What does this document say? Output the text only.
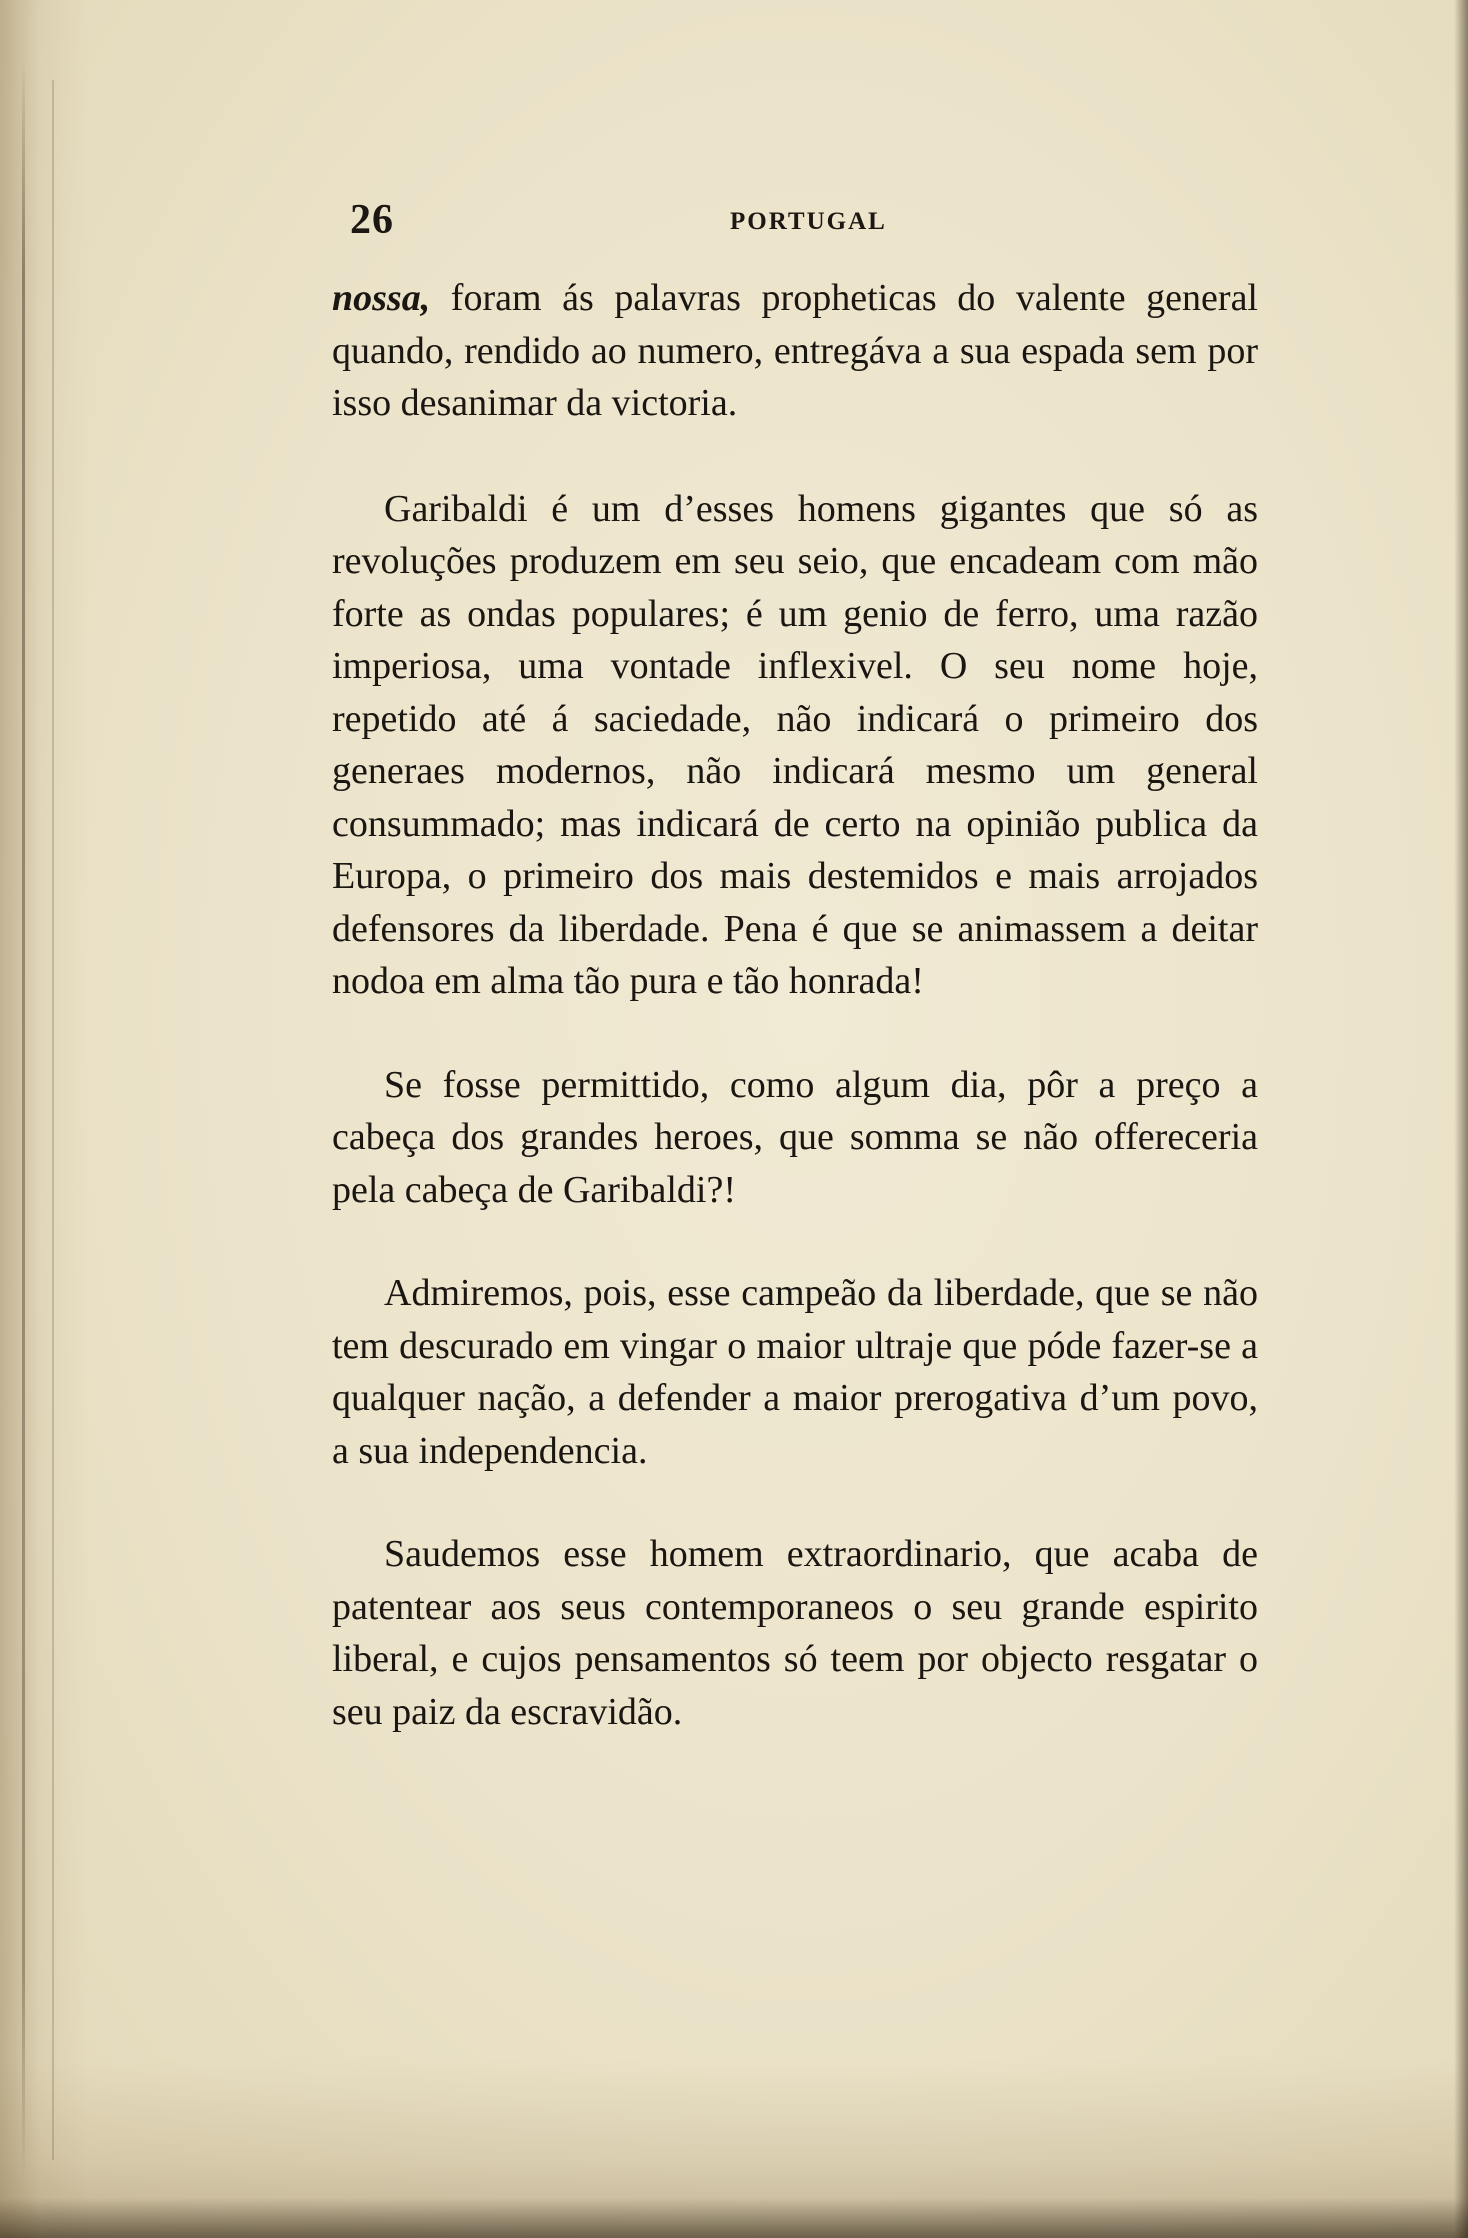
26	PORTUGAL

nossa, foram ás palavras propheticas do valente general quando, rendido ao numero, entregáva a sua espada sem por isso desanimar da victoria.

Garibaldi é um d’esses homens gigantes que só as revoluções produzem em seu seio, que encadeam com mão forte as ondas populares; é um genio de ferro, uma razão imperiosa, uma vontade inflexivel. O seu nome hoje, repetido até á saciedade, não indicará o primeiro dos generaes modernos, não indicará mesmo um general consummado; mas indicará de certo na opinião publica da Europa, o primeiro dos mais destemidos e mais arrojados defensores da liberdade. Pena é que se animassem a deitar nodoa em alma tão pura e tão honrada!

Se fosse permittido, como algum dia, pôr a preço a cabeça dos grandes heroes, que somma se não offereceria pela cabeça de Garibaldi?!

Admiremos, pois, esse campeão da liberdade, que se não tem descurado em vingar o maior ultraje que póde fazer-se a qualquer nação, a defender a maior prerogativa d’um povo, a sua independencia.

Saudemos esse homem extraordinario, que acaba de patentear aos seus contemporaneos o seu grande espirito liberal, e cujos pensamentos só teem por objecto resgatar o seu paiz da escravidão.
